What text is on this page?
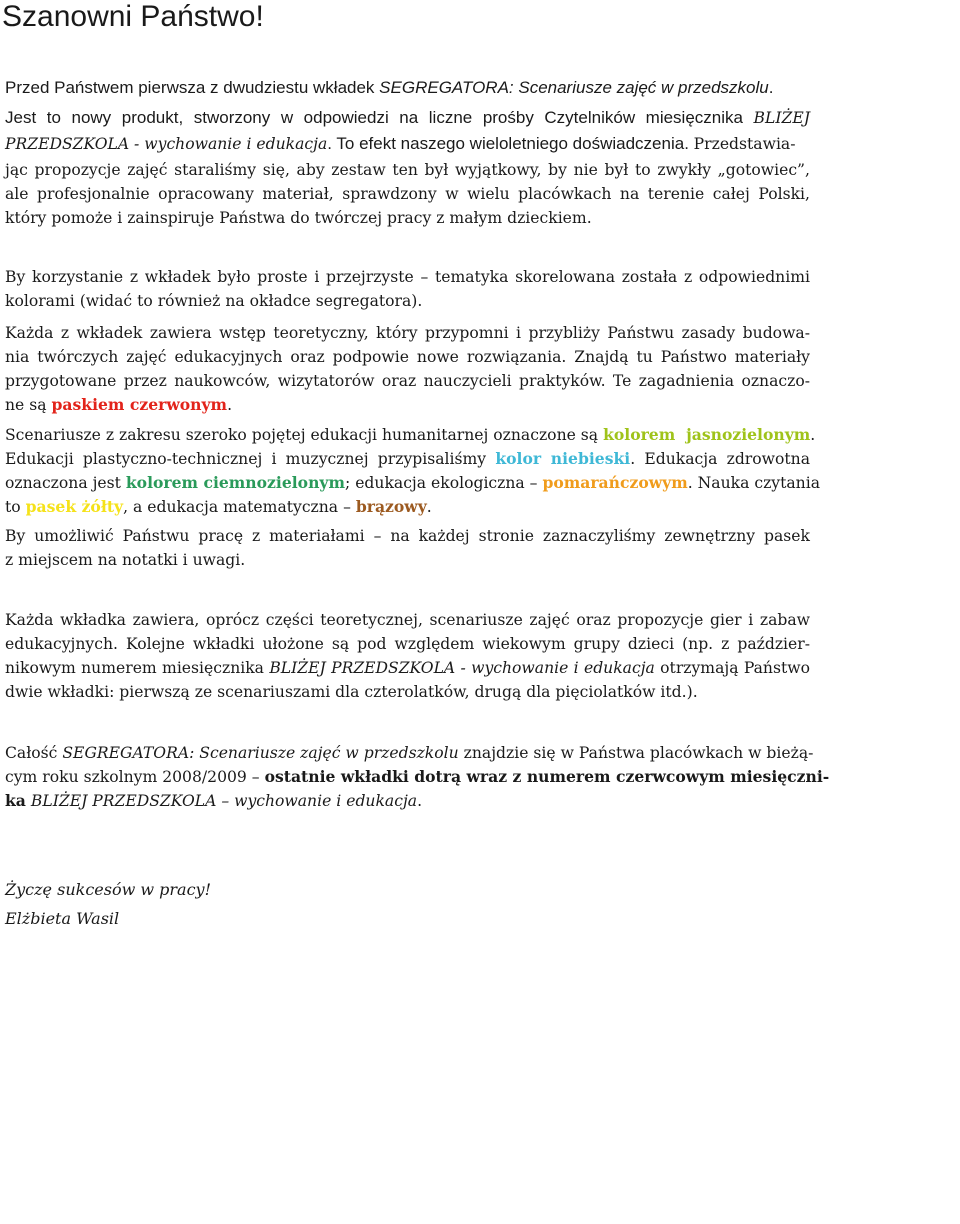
Szanowni Państwo!

Przed Państwem pierwsza z dwudziestu wkładek SEGREGATORA: Scenariusze zajęć w przedszkolu.

Jest to nowy produkt, stworzony w odpowiedzi na liczne prośby Czytelników miesięcznika BLIŻEJ

PRZEDSZKOLA - wychowanie i edukacja. To efekt naszego wieloletniego doświadczenia. Przedstawia-

jąc propozycje zajęć staraliśmy się, aby zestaw ten był wyjątkowy, by nie był to zwykły „gotowiec”,

ale profesjonalnie opracowany materiał, sprawdzony w wielu placówkach na terenie całej Polski,

który pomoże i zainspiruje Państwa do twórczej pracy z małym dzieckiem.

By korzystanie z wkładek było proste i przejrzyste – tematyka skorelowana została z odpowiednimi

kolorami (widać to również na okładce segregatora).

Każda z wkładek zawiera wstęp teoretyczny, który przypomni i przybliży Państwu zasady budowa-

nia twórczych zajęć edukacyjnych oraz podpowie nowe rozwiązania. Znajdą tu Państwo materiały

przygotowane przez naukowców, wizytatorów oraz nauczycieli praktyków. Te zagadnienia oznaczo-

ne są paskiem czerwonym.

Scenariusze z zakresu szeroko pojętej edukacji humanitarnej oznaczone są kolorem  jasnozielonym.

Edukacji plastyczno-technicznej i muzycznej przypisaliśmy kolor niebieski. Edukacja zdrowotna

oznaczona jest kolorem ciemnozielonym; edukacja ekologiczna – pomarańczowym. Nauka czytania

to pasek żółty, a edukacja matematyczna – brązowy.

By umożliwić Państwu pracę z materiałami – na każdej stronie zaznaczyliśmy zewnętrzny pasek

z miejscem na notatki i uwagi.

Każda wkładka zawiera, oprócz części teoretycznej, scenariusze zajęć oraz propozycje gier i zabaw

edukacyjnych. Kolejne wkładki ułożone są pod względem wiekowym grupy dzieci (np. z paździer-

nikowym numerem miesięcznika BLIŻEJ PRZEDSZKOLA - wychowanie i edukacja otrzymają Państwo

dwie wkładki: pierwszą ze scenariuszami dla czterolatków, drugą dla pięciolatków itd.).

Całość SEGREGATORA: Scenariusze zajęć w przedszkolu znajdzie się w Państwa placówkach w bieżą-

cym roku szkolnym 2008/2009 – ostatnie wkładki dotrą wraz z numerem czerwcowym miesięczni-

ka BLIŻEJ PRZEDSZKOLA – wychowanie i edukacja.

Życzę sukcesów w pracy!

Elżbieta Wasil
